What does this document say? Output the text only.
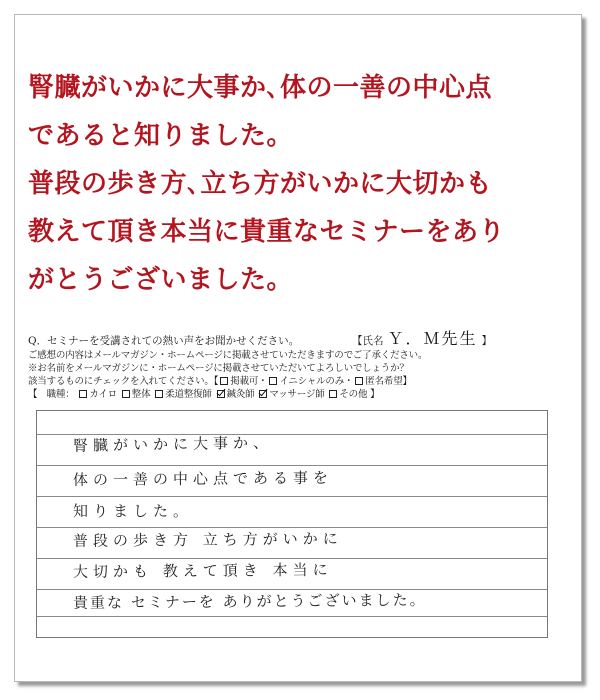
腎臓がいかに大事か､体の一善の中心点
であると知りました。
普段の歩き方､立ち方がいかに大切かも
教えて頂き本当に貴重なセミナーをあり
がとうございました。
Q．セミナーを受講されての熱い声をお聞かせください。	【氏名 Ｙ．Ｍ先生 】
ご感想の内容はメールマガジン・ホームページに掲載させていただきますのでご了承ください。
※お名前をメールマガジンに・ホームページに掲載させていただいてよろしいでしょうか？
該当するものにチェックを入れてください。【 掲載可・ イニシャルのみ・ 匿名希望】
【　職種： カイロ 整体 柔道整復師 鍼灸師 マッサージ師 その他 】
腎臓がいかに大事か、
体の一善の中心点である事を
知りました。
普段の歩き方 立ち方がいかに
大切かも 教えて頂き 本当に
貴重な セミナーを ありがとうございました。
